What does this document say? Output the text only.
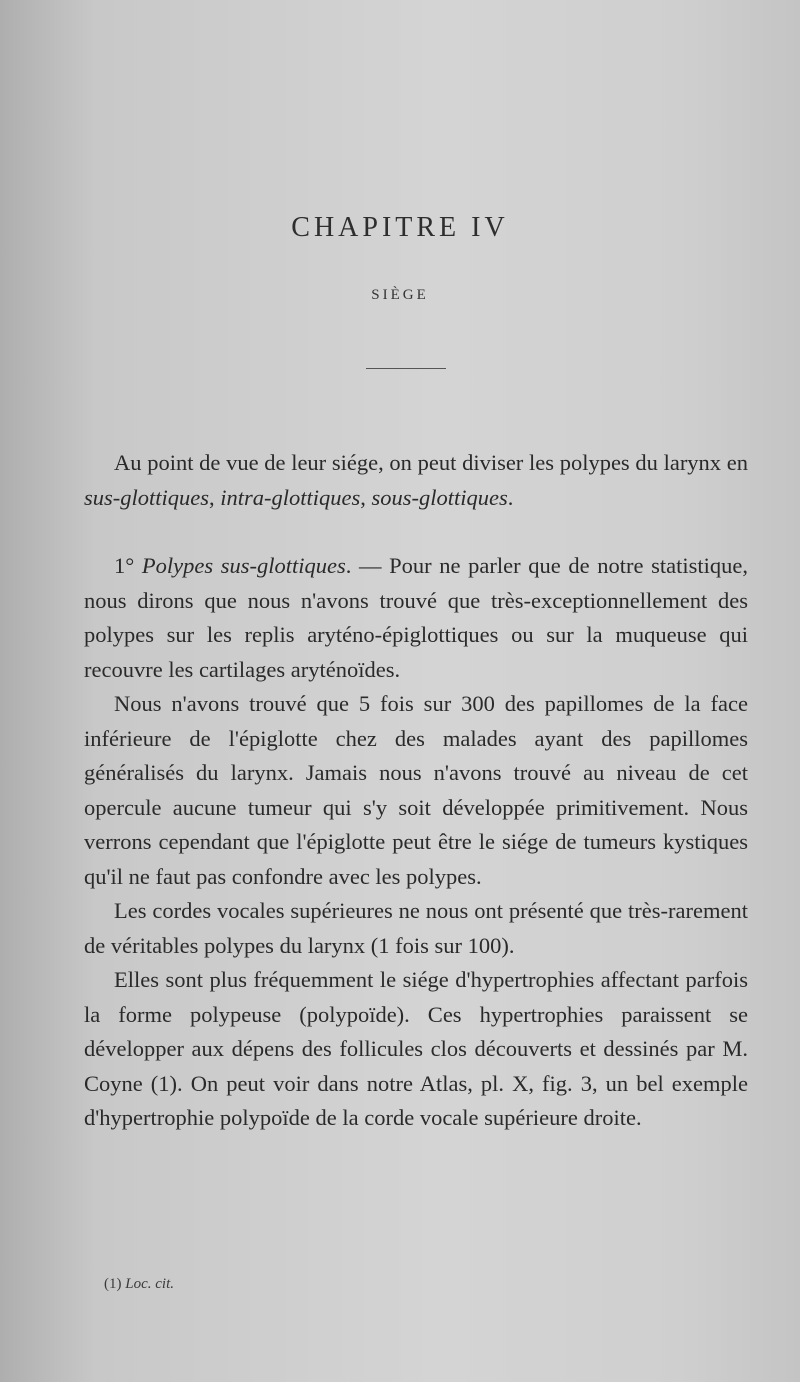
CHAPITRE IV
SIÈGE

Au point de vue de leur siége, on peut diviser les polypes du larynx en sus-glottiques, intra-glottiques, sous-glottiques.

1° Polypes sus-glottiques. — Pour ne parler que de notre statistique, nous dirons que nous n'avons trouvé que très-exceptionnellement des polypes sur les replis aryténo-épiglottiques ou sur la muqueuse qui recouvre les cartilages aryténoïdes.

Nous n'avons trouvé que 5 fois sur 300 des papillomes de la face inférieure de l'épiglotte chez des malades ayant des papillomes généralisés du larynx. Jamais nous n'avons trouvé au niveau de cet opercule aucune tumeur qui s'y soit développée primitivement. Nous verrons cependant que l'épiglotte peut être le siége de tumeurs kystiques qu'il ne faut pas confondre avec les polypes.

Les cordes vocales supérieures ne nous ont présenté que très-rarement de véritables polypes du larynx (1 fois sur 100).

Elles sont plus fréquemment le siége d'hypertrophies affectant parfois la forme polypeuse (polypoïde). Ces hypertrophies paraissent se développer aux dépens des follicules clos découverts et dessinés par M. Coyne (1). On peut voir dans notre Atlas, pl. X, fig. 3, un bel exemple d'hypertrophie polypoïde de la corde vocale supérieure droite.

(1) Loc. cit.
